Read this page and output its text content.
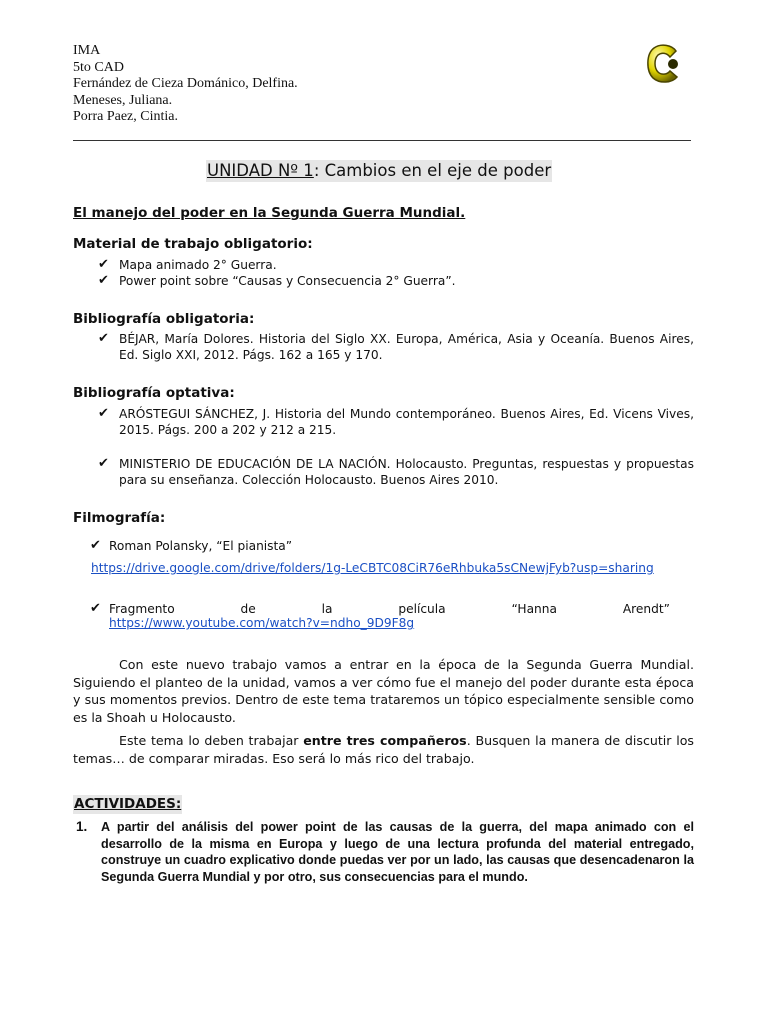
IMA
5to CAD
Fernández de Cieza Dománico, Delfina.
Meneses, Juliana.
Porra Paez, Cintia.
UNIDAD Nº 1: Cambios en el eje de poder
El manejo del poder en la Segunda Guerra Mundial.
Material de trabajo obligatorio:
✔ Mapa animado 2° Guerra.
✔ Power point sobre “Causas y Consecuencia 2° Guerra”.
Bibliografía obligatoria:
✔ BÉJAR, María Dolores. Historia del Siglo XX. Europa, América, Asia y Oceanía. Buenos Aires, Ed. Siglo XXI, 2012. Págs. 162 a 165 y 170.
Bibliografía optativa:
✔ ARÓSTEGUI SÁNCHEZ, J. Historia del Mundo contemporáneo. Buenos Aires, Ed. Vicens Vives, 2015. Págs. 200 a 202 y 212 a 215.
✔ MINISTERIO DE EDUCACIÓN DE LA NACIÓN. Holocausto. Preguntas, respuestas y propuestas para su enseñanza. Colección Holocausto. Buenos Aires 2010.
Filmografía:
✔ Roman Polansky, “El pianista”
https://drive.google.com/drive/folders/1g-LeCBTC08CiR76eRhbuka5sCNewjFyb?usp=sharing
✔ Fragmento                 de                 la                 película                 “Hanna                 Arendt”
https://www.youtube.com/watch?v=ndho_9D9F8g
Con este nuevo trabajo vamos a entrar en la época de la Segunda Guerra Mundial. Siguiendo el planteo de la unidad, vamos a ver cómo fue el manejo del poder durante esta época y sus momentos previos. Dentro de este tema trataremos un tópico especialmente sensible como es la Shoah u Holocausto.
Este tema lo deben trabajar entre tres compañeros. Busquen la manera de discutir los temas… de comparar miradas. Eso será lo más rico del trabajo.
ACTIVIDADES:
1.	A partir del análisis del power point de las causas de la guerra, del mapa animado con el desarrollo de la misma en Europa y luego de una lectura profunda del material entregado, construye un cuadro explicativo donde puedas ver por un lado, las causas que desencadenaron la Segunda Guerra Mundial y por otro, sus consecuencias para el mundo.
